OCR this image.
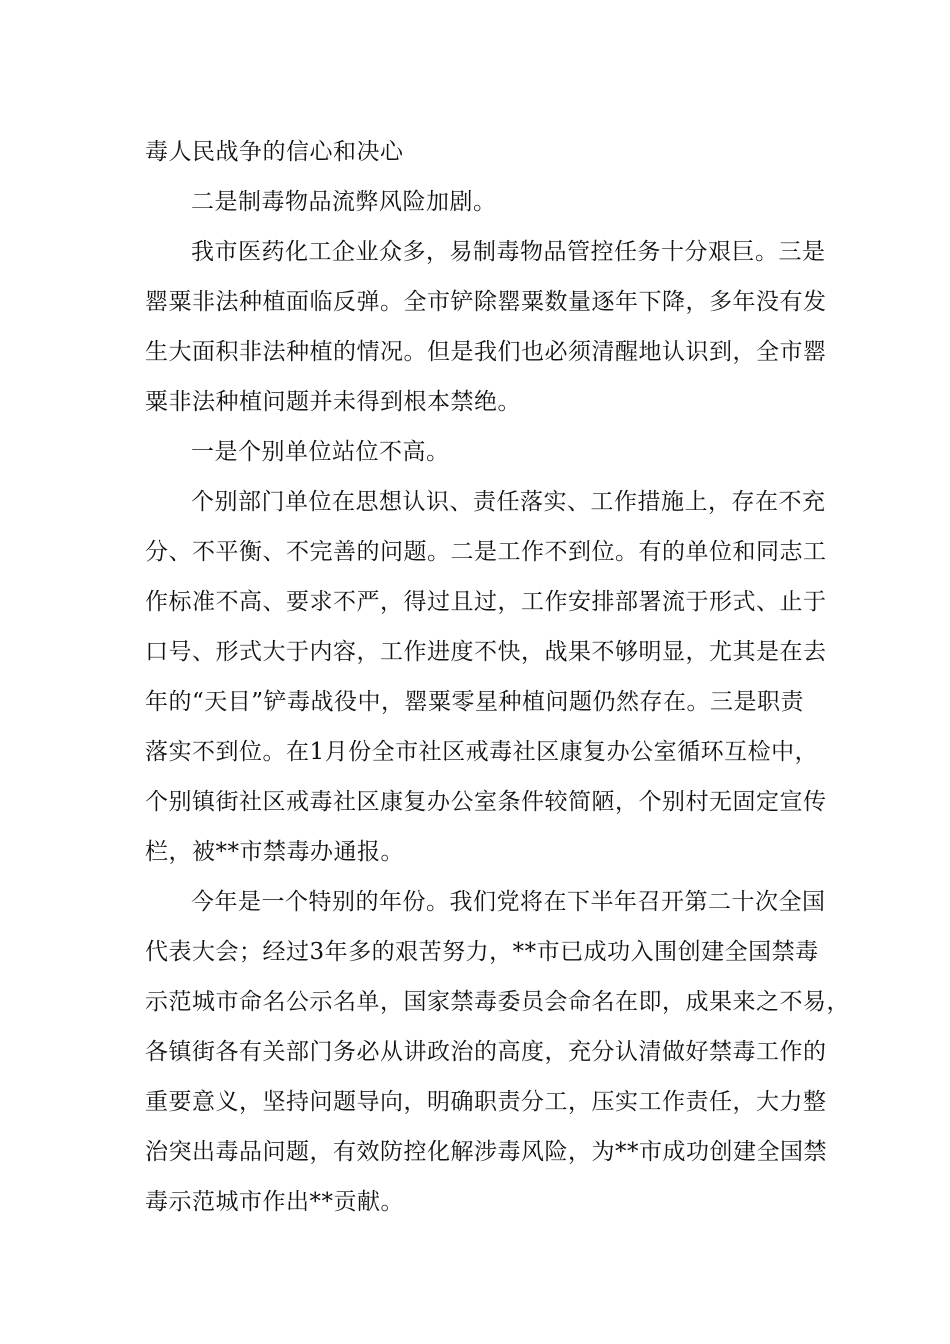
毒人民战争的信心和决心
二是制毒物品流弊风险加剧。
我市医药化工企业众多，易制毒物品管控任务十分艰巨。三是
罂粟非法种植面临反弹。全市铲除罂粟数量逐年下降，多年没有发
生大面积非法种植的情况。但是我们也必须清醒地认识到，全市罂
粟非法种植问题并未得到根本禁绝。
一是个别单位站位不高。
个别部门单位在思想认识、责任落实、工作措施上，存在不充
分、不平衡、不完善的问题。二是工作不到位。有的单位和同志工
作标准不高、要求不严，得过且过，工作安排部署流于形式、止于
口号、形式大于内容，工作进度不快，战果不够明显，尤其是在去
年的“天目”铲毒战役中，罂粟零星种植问题仍然存在。三是职责
落实不到位。在1月份全市社区戒毒社区康复办公室循环互检中，
个别镇街社区戒毒社区康复办公室条件较简陋，个别村无固定宣传
栏，被**市禁毒办通报。
今年是一个特别的年份。我们党将在下半年召开第二十次全国
代表大会；经过3年多的艰苦努力，**市已成功入围创建全国禁毒
示范城市命名公示名单，国家禁毒委员会命名在即，成果来之不易，
各镇街各有关部门务必从讲政治的高度，充分认清做好禁毒工作的
重要意义，坚持问题导向，明确职责分工，压实工作责任，大力整
治突出毒品问题，有效防控化解涉毒风险，为**市成功创建全国禁
毒示范城市作出**贡献。
